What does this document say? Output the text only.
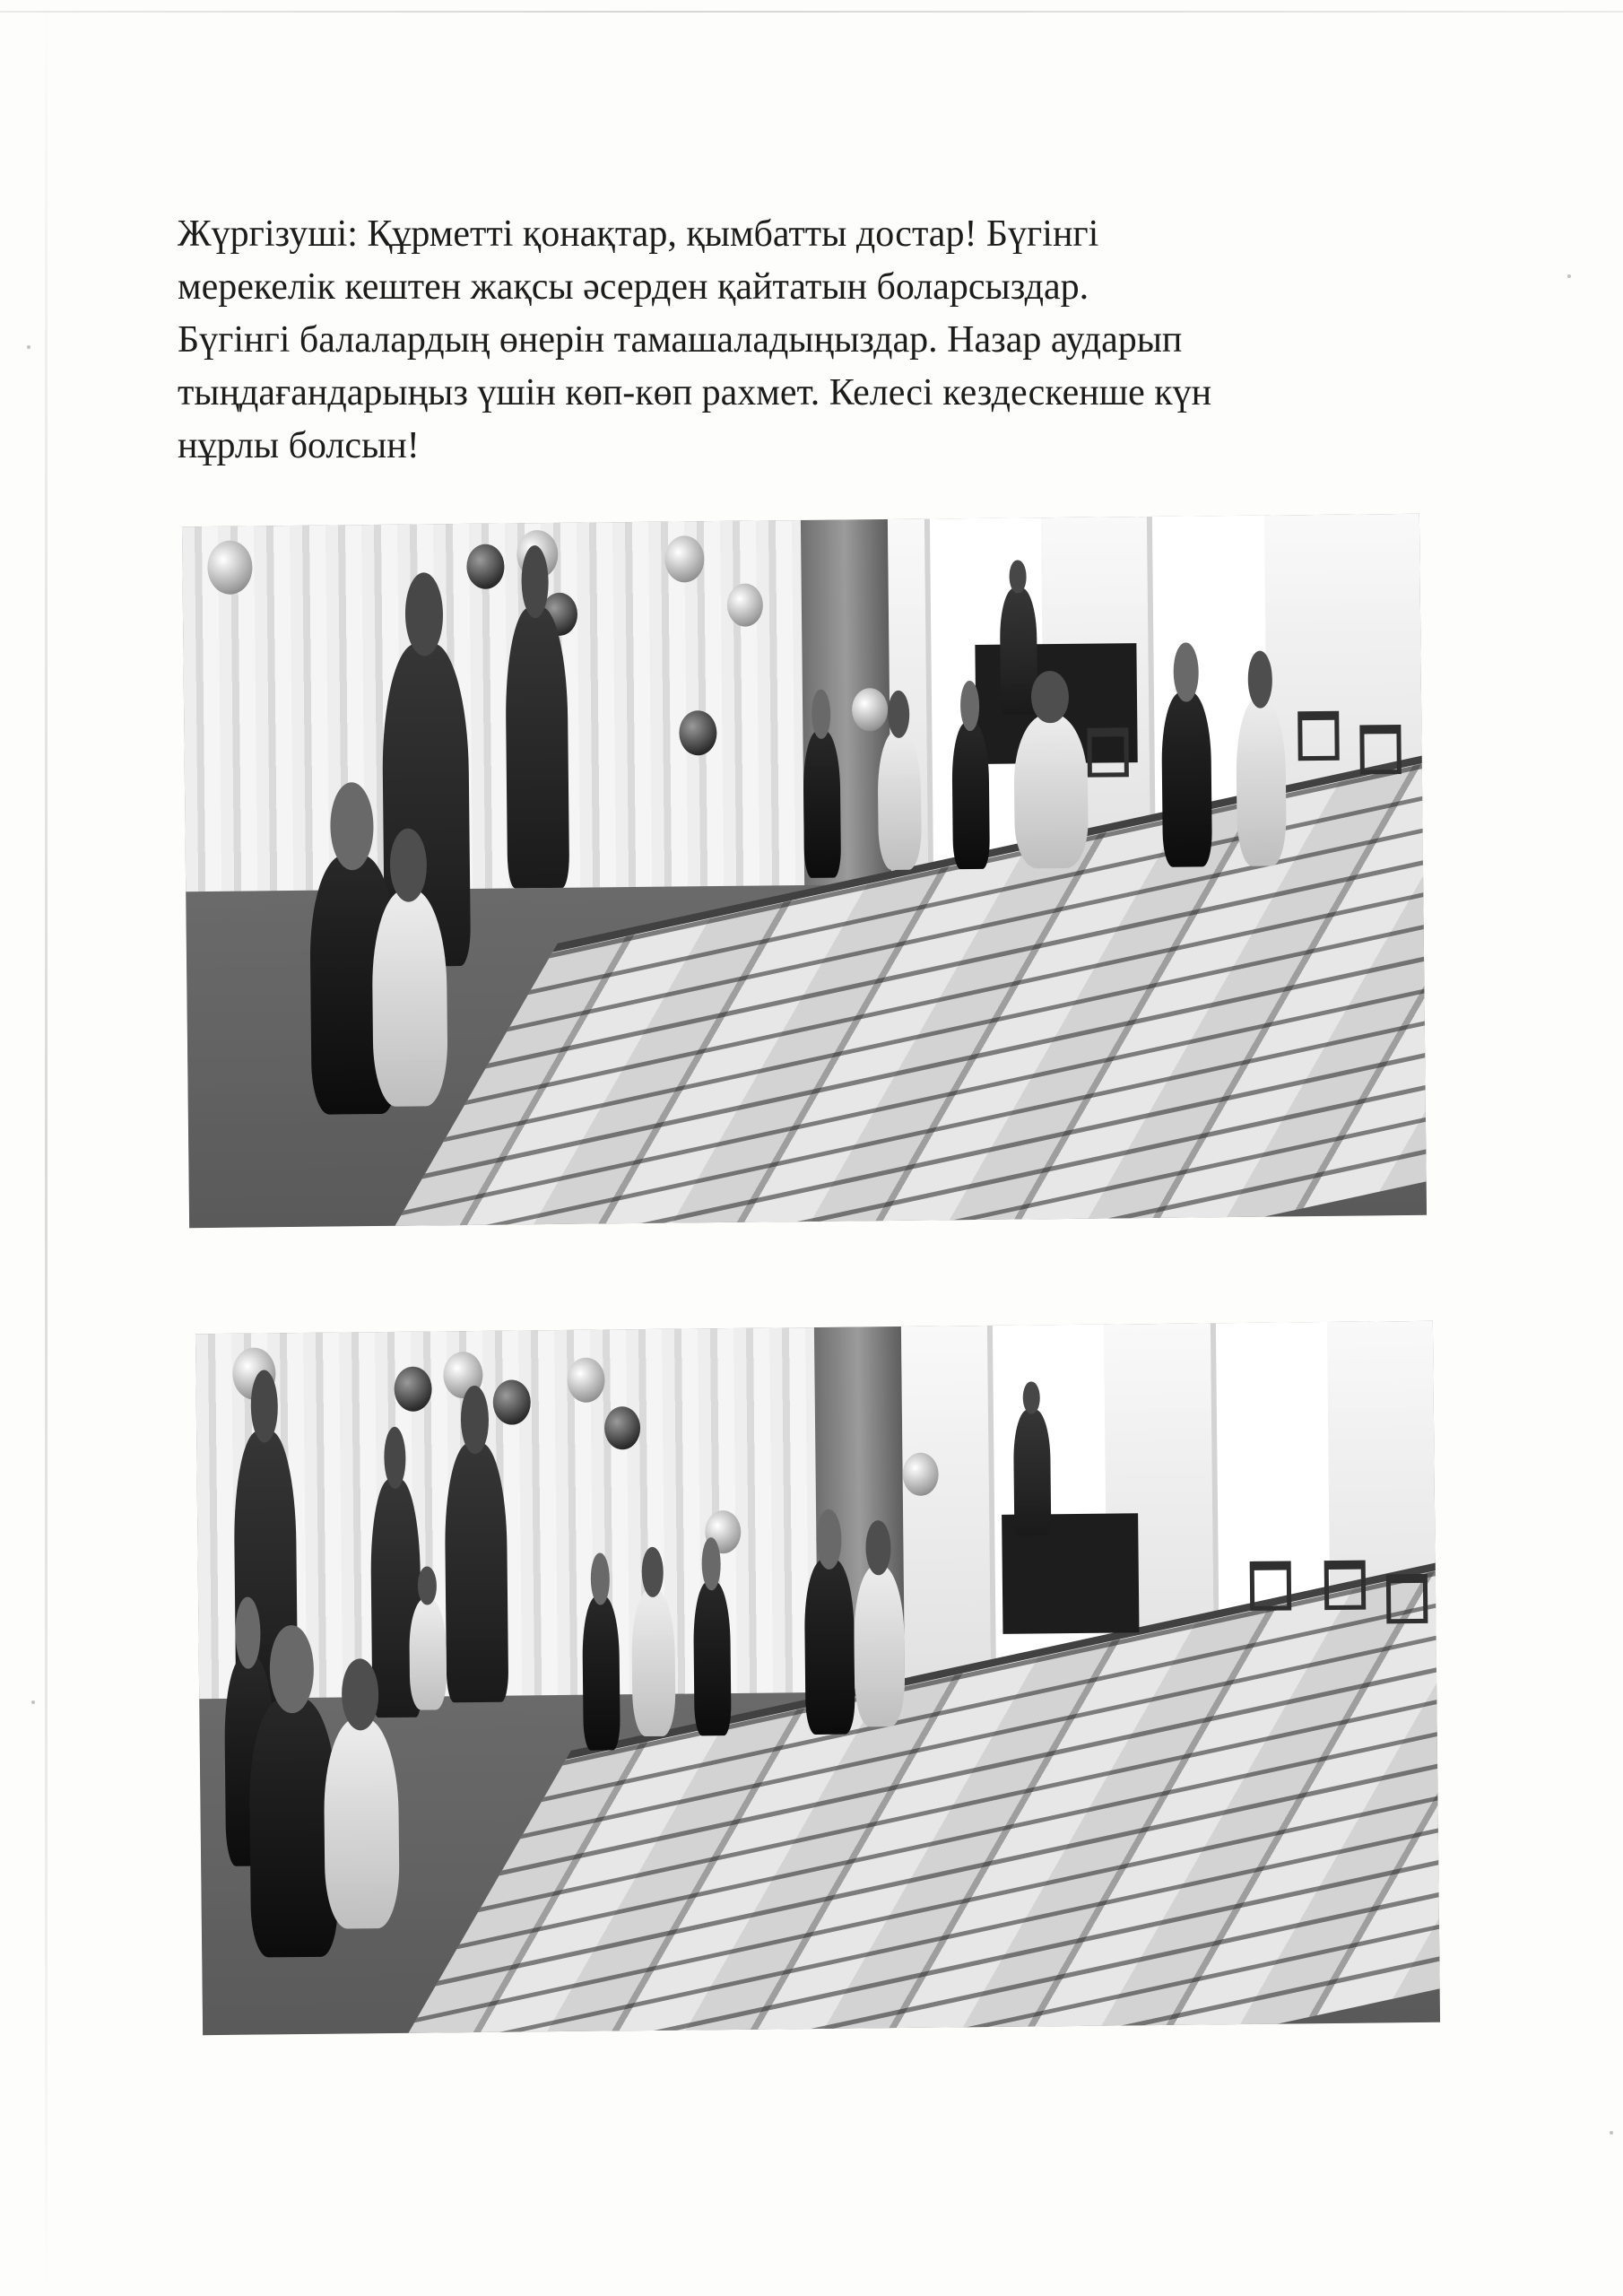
Жүргізуші: Құрметті қонақтар, қымбатты достар! Бүгінгі
мерекелік кештен жақсы әсерден қайтатын боларсыздар.
Бүгінгі балалардың өнерін тамашаладыңыздар. Назар аударып
тыңдағандарыңыз үшін көп-көп рахмет. Келесі кездескенше күн
нұрлы болсын!
